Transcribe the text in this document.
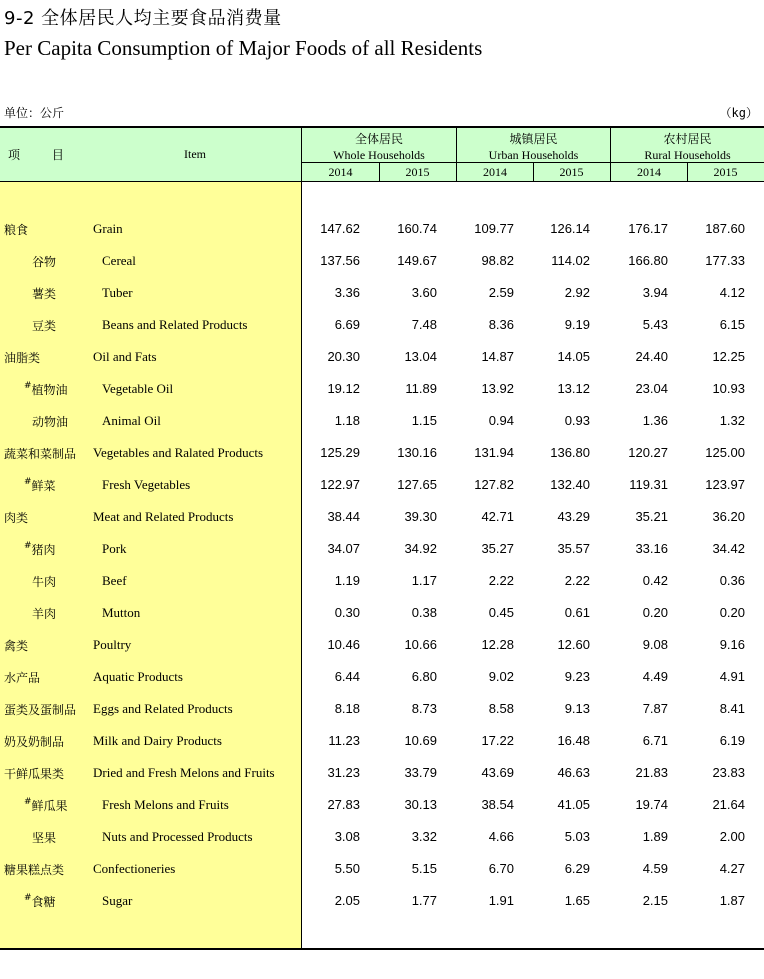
9-2 全体居民人均主要食品消费量
Per Capita Consumption of Major Foods of all Residents
单位：公斤	（kg）
项 目	Item
全体居民
Whole Households
城镇居民
Urban Households
农村居民
Rural Households
2014	2015	2014	2015	2014	2015
粮食	Grain	147.62	160.74	109.77	126.14	176.17	187.60
谷物	Cereal	137.56	149.67	98.82	114.02	166.80	177.33
薯类	Tuber	3.36	3.60	2.59	2.92	3.94	4.12
豆类	Beans and Related Products	6.69	7.48	8.36	9.19	5.43	6.15
油脂类	Oil and Fats	20.30	13.04	14.87	14.05	24.40	12.25
#植物油	Vegetable Oil	19.12	11.89	13.92	13.12	23.04	10.93
动物油	Animal Oil	1.18	1.15	0.94	0.93	1.36	1.32
蔬菜和菜制品 Vegetables and Ralated Products	125.29	130.16	131.94	136.80	120.27	125.00
#鲜菜	Fresh Vegetables	122.97	127.65	127.82	132.40	119.31	123.97
肉类	Meat and Related Products	38.44	39.30	42.71	43.29	35.21	36.20
#猪肉	Pork	34.07	34.92	35.27	35.57	33.16	34.42
牛肉	Beef	1.19	1.17	2.22	2.22	0.42	0.36
羊肉	Mutton	0.30	0.38	0.45	0.61	0.20	0.20
禽类	Poultry	10.46	10.66	12.28	12.60	9.08	9.16
水产品	Aquatic Products	6.44	6.80	9.02	9.23	4.49	4.91
蛋类及蛋制品 Eggs and Related Products	8.18	8.73	8.58	9.13	7.87	8.41
奶及奶制品 Milk and Dairy Products	11.23	10.69	17.22	16.48	6.71	6.19
干鲜瓜果类 Dried and Fresh Melons and Fruits	31.23	33.79	43.69	46.63	21.83	23.83
#鲜瓜果	Fresh Melons and Fruits	27.83	30.13	38.54	41.05	19.74	21.64
坚果	Nuts and Processed Products	3.08	3.32	4.66	5.03	1.89	2.00
糖果糕点类 Confectioneries	5.50	5.15	6.70	6.29	4.59	4.27
#食糖	Sugar	2.05	1.77	1.91	1.65	2.15	1.87
